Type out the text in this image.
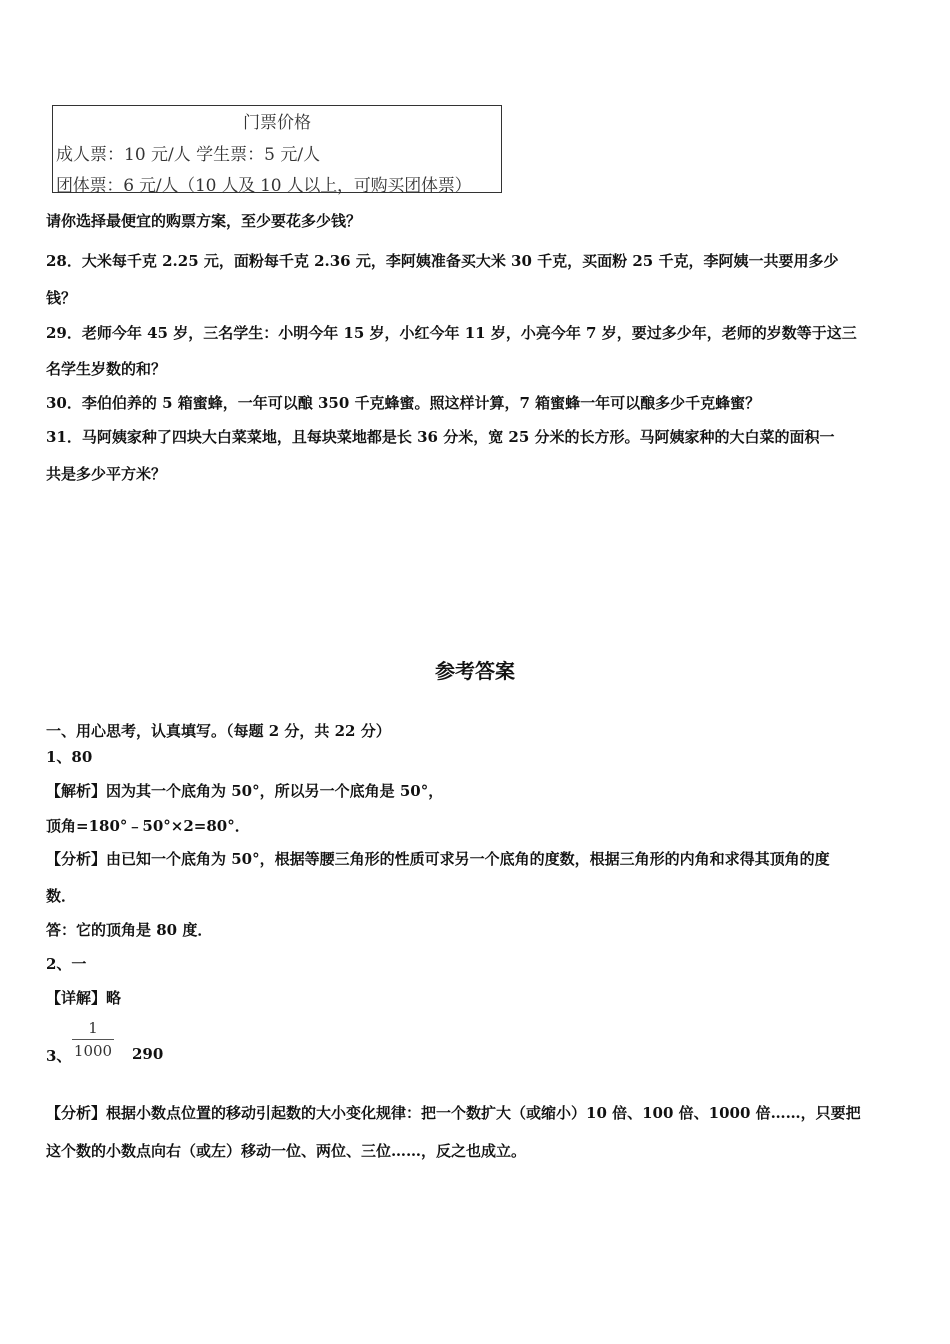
门票价格
成人票：10 元/人 学生票：5 元/人
团体票：6 元/人（10 人及 10 人以上，可购买团体票）
请你选择最便宜的购票方案，至少要花多少钱？
28．大米每千克 2.25 元，面粉每千克 2.36 元，李阿姨准备买大米 30 千克，买面粉 25 千克，李阿姨一共要用多少
钱？
29．老师今年 45 岁，三名学生：小明今年 15 岁，小红今年 11 岁，小亮今年 7 岁，要过多少年，老师的岁数等于这三
名学生岁数的和？
30．李伯伯养的 5 箱蜜蜂，一年可以酿 350 千克蜂蜜。照这样计算，7 箱蜜蜂一年可以酿多少千克蜂蜜？
31．马阿姨家种了四块大白菜菜地，且每块菜地都是长 36 分米，宽 25 分米的长方形。马阿姨家种的大白菜的面积一
共是多少平方米？
参考答案
一、用心思考，认真填写。（每题 2 分，共 22 分）
1、80
【解析】因为其一个底角为 50°，所以另一个底角是 50°，
顶角=180°﹣50°×2=80°．
【分析】由已知一个底角为 50°，根据等腰三角形的性质可求另一个底角的度数，根据三角形的内角和求得其顶角的度
数．
答：它的顶角是 80 度．
2、一
【详解】略
1
1000
3、	290
【分析】根据小数点位置的移动引起数的大小变化规律：把一个数扩大（或缩小）10 倍、100 倍、1000 倍……，只要把
这个数的小数点向右（或左）移动一位、两位、三位……，反之也成立。
